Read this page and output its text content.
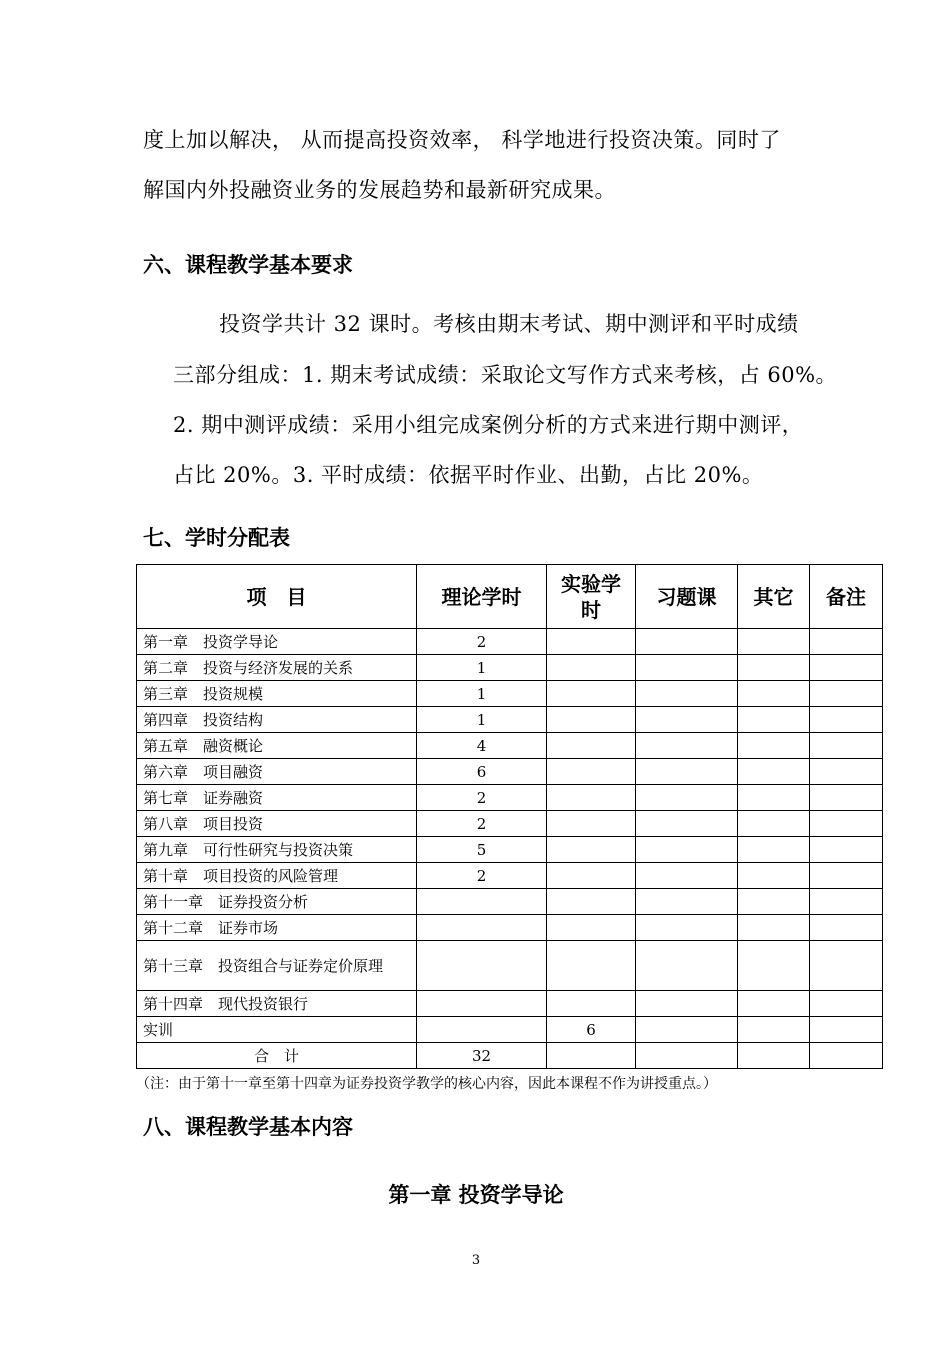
度上加以解决， 从而提高投资效率， 科学地进行投资决策。同时了
解国内外投融资业务的发展趋势和最新研究成果。
六、课程教学基本要求
投资学共计 32 课时。考核由期末考试、期中测评和平时成绩
三部分组成：1. 期末考试成绩：采取论文写作方式来考核，占 60%。
2. 期中测评成绩：采用小组完成案例分析的方式来进行期中测评，
占比 20%。3. 平时成绩：依据平时作业、出勤，占比 20%。
七、学时分配表
项　目	理论学时	实验学时	习题课	其它	备注
第一章　投资学导论	2				
第二章　投资与经济发展的关系	1				
第三章　投资规模	1				
第四章　投资结构	1				
第五章　融资概论	4				
第六章　项目融资	6				
第七章　证券融资	2				
第八章　项目投资	2				
第九章　可行性研究与投资决策	5				
第十章　项目投资的风险管理	2				
第十一章　证券投资分析					
第十二章　证券市场					
第十三章　投资组合与证券定价原理					
第十四章　现代投资银行					
实训		6			
合　计	32				
（注：由于第十一章至第十四章为证券投资学教学的核心内容，因此本课程不作为讲授重点。）
八、课程教学基本内容
第一章 投资学导论
3
